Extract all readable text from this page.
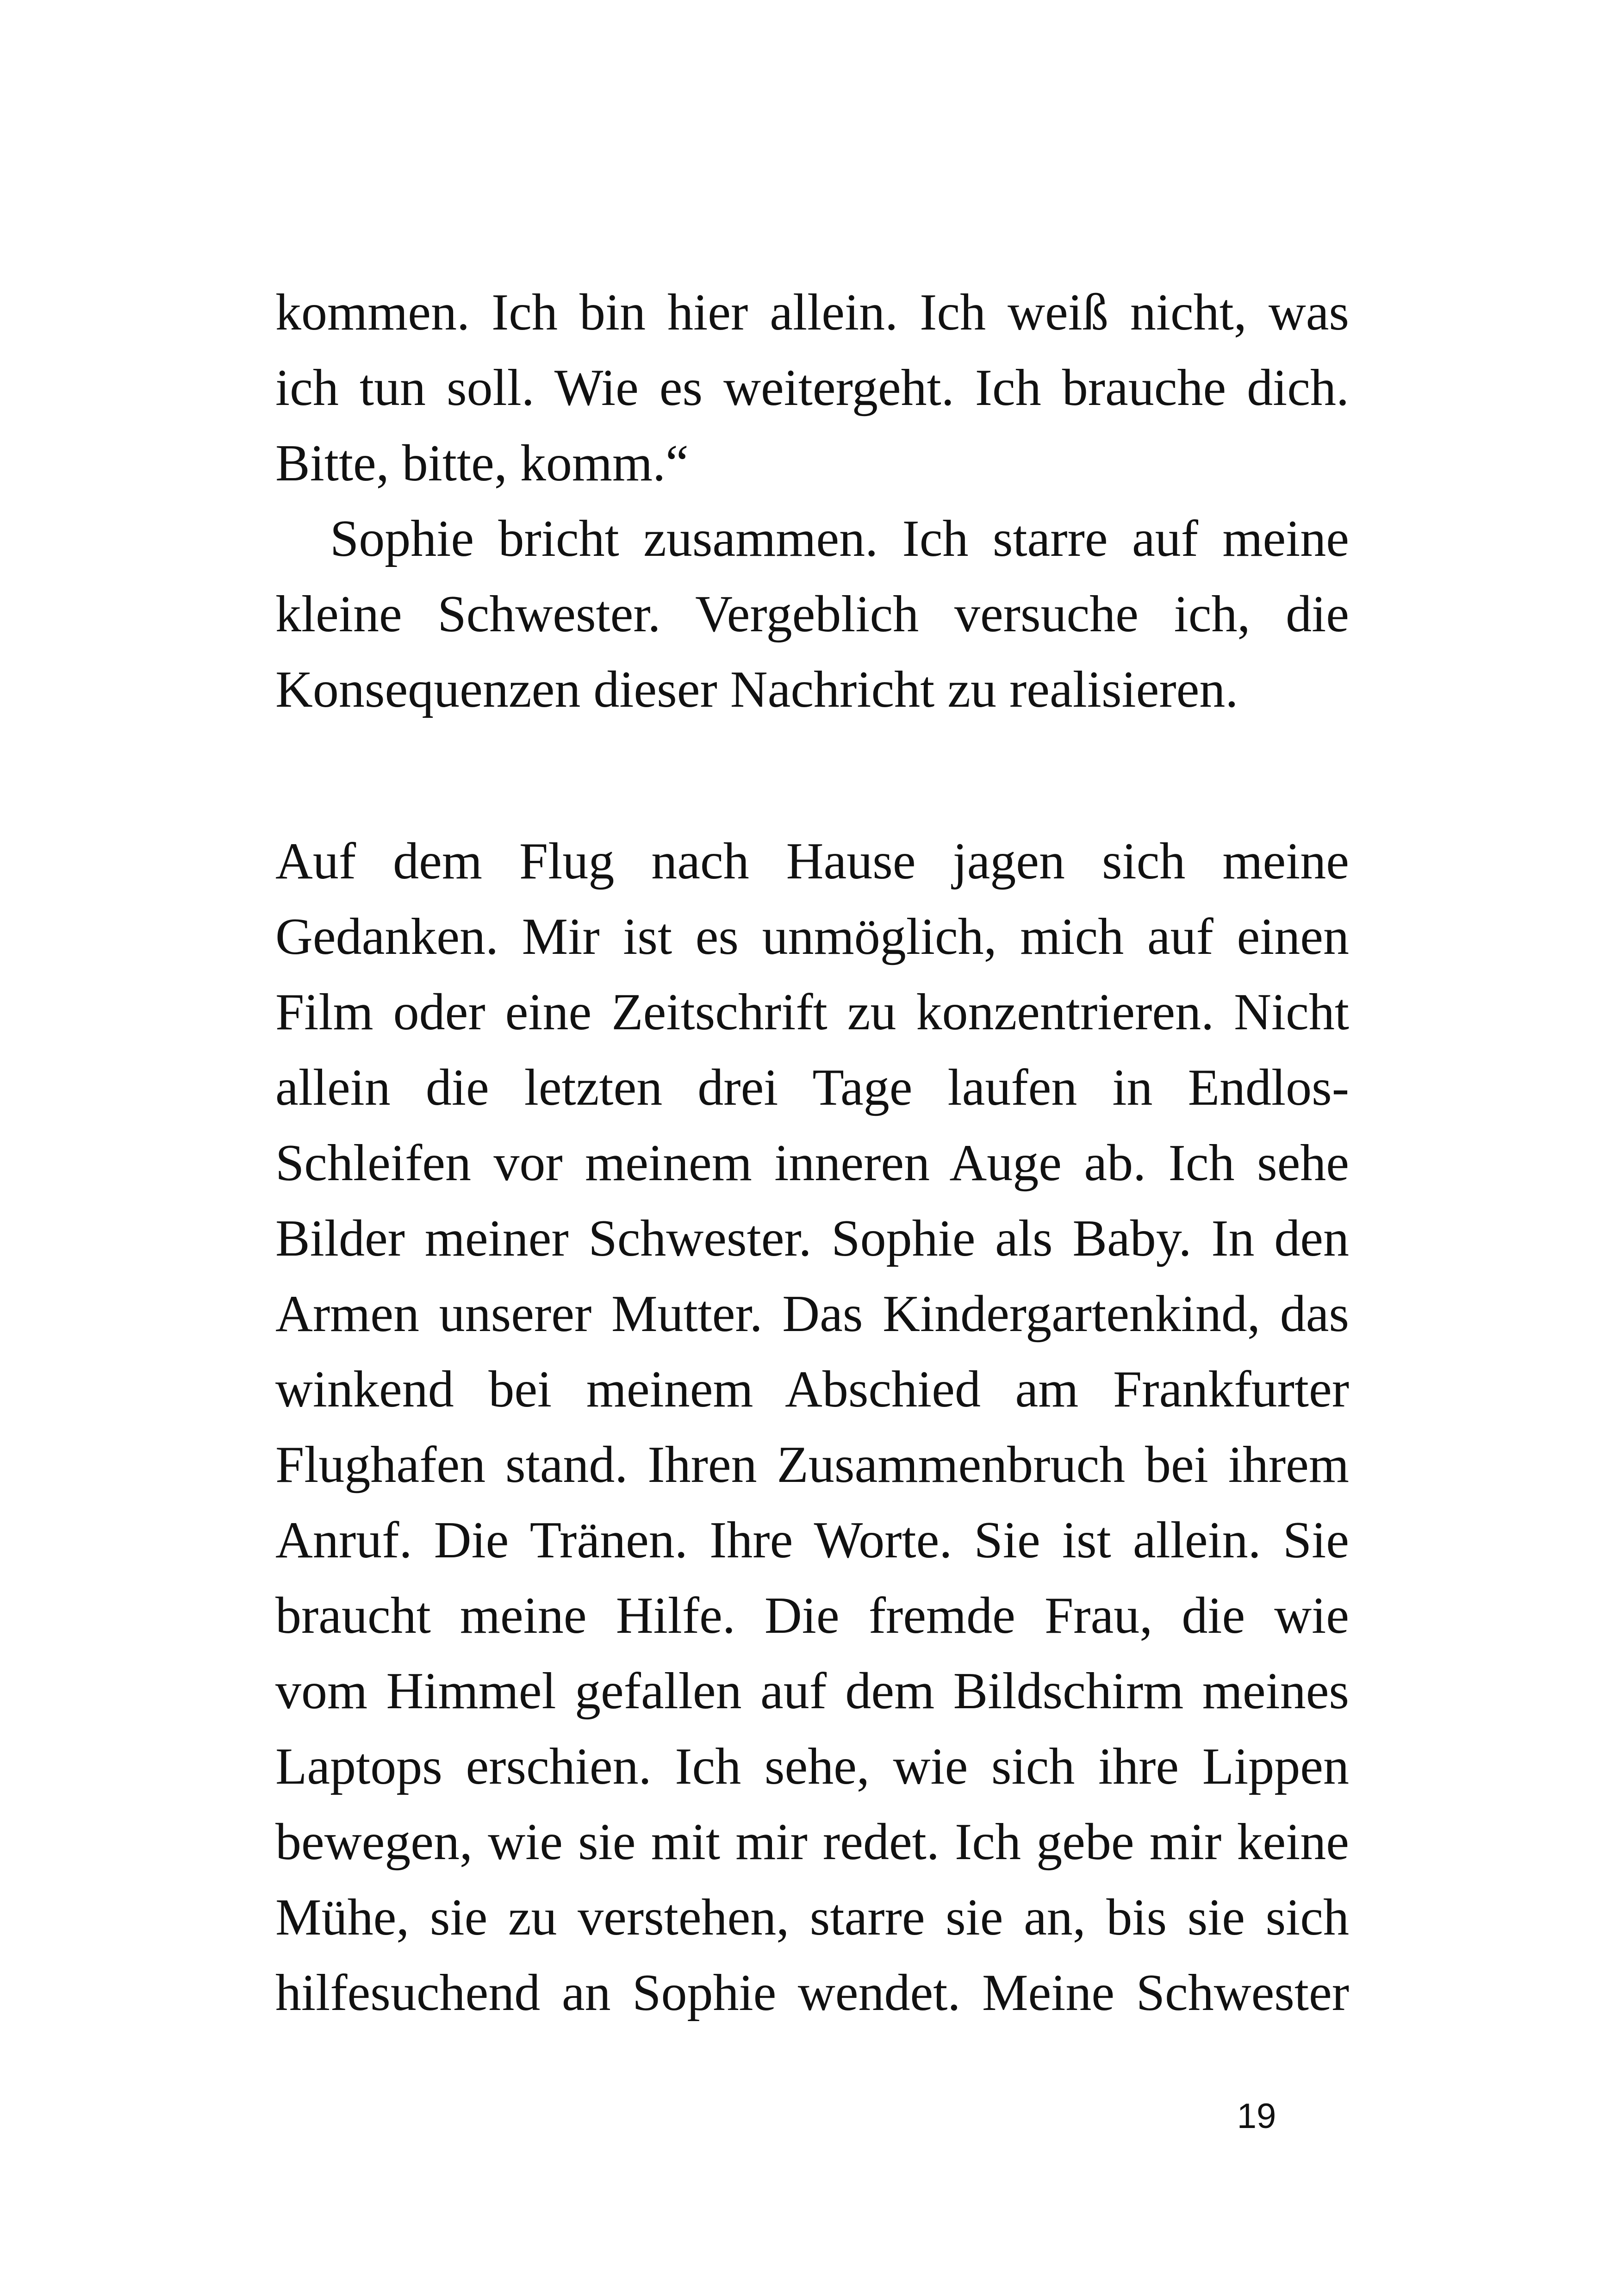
kommen. Ich bin hier allein. Ich weiß nicht, was
ich tun soll. Wie es weitergeht. Ich brauche dich.
Bitte, bitte, komm.“

Sophie bricht zusammen. Ich starre auf meine
kleine Schwester. Vergeblich versuche ich, die
Konsequenzen dieser Nachricht zu realisieren.

Auf dem Flug nach Hause jagen sich meine
Gedanken. Mir ist es unmöglich, mich auf einen
Film oder eine Zeitschrift zu konzentrieren. Nicht
allein die letzten drei Tage laufen in Endlos-
Schleifen vor meinem inneren Auge ab. Ich sehe
Bilder meiner Schwester. Sophie als Baby. In den
Armen unserer Mutter. Das Kindergartenkind, das
winkend bei meinem Abschied am Frankfurter
Flughafen stand. Ihren Zusammenbruch bei ihrem
Anruf. Die Tränen. Ihre Worte. Sie ist allein. Sie
braucht meine Hilfe. Die fremde Frau, die wie
vom Himmel gefallen auf dem Bildschirm meines
Laptops erschien. Ich sehe, wie sich ihre Lippen
bewegen, wie sie mit mir redet. Ich gebe mir keine
Mühe, sie zu verstehen, starre sie an, bis sie sich
hilfesuchend an Sophie wendet. Meine Schwester

19
